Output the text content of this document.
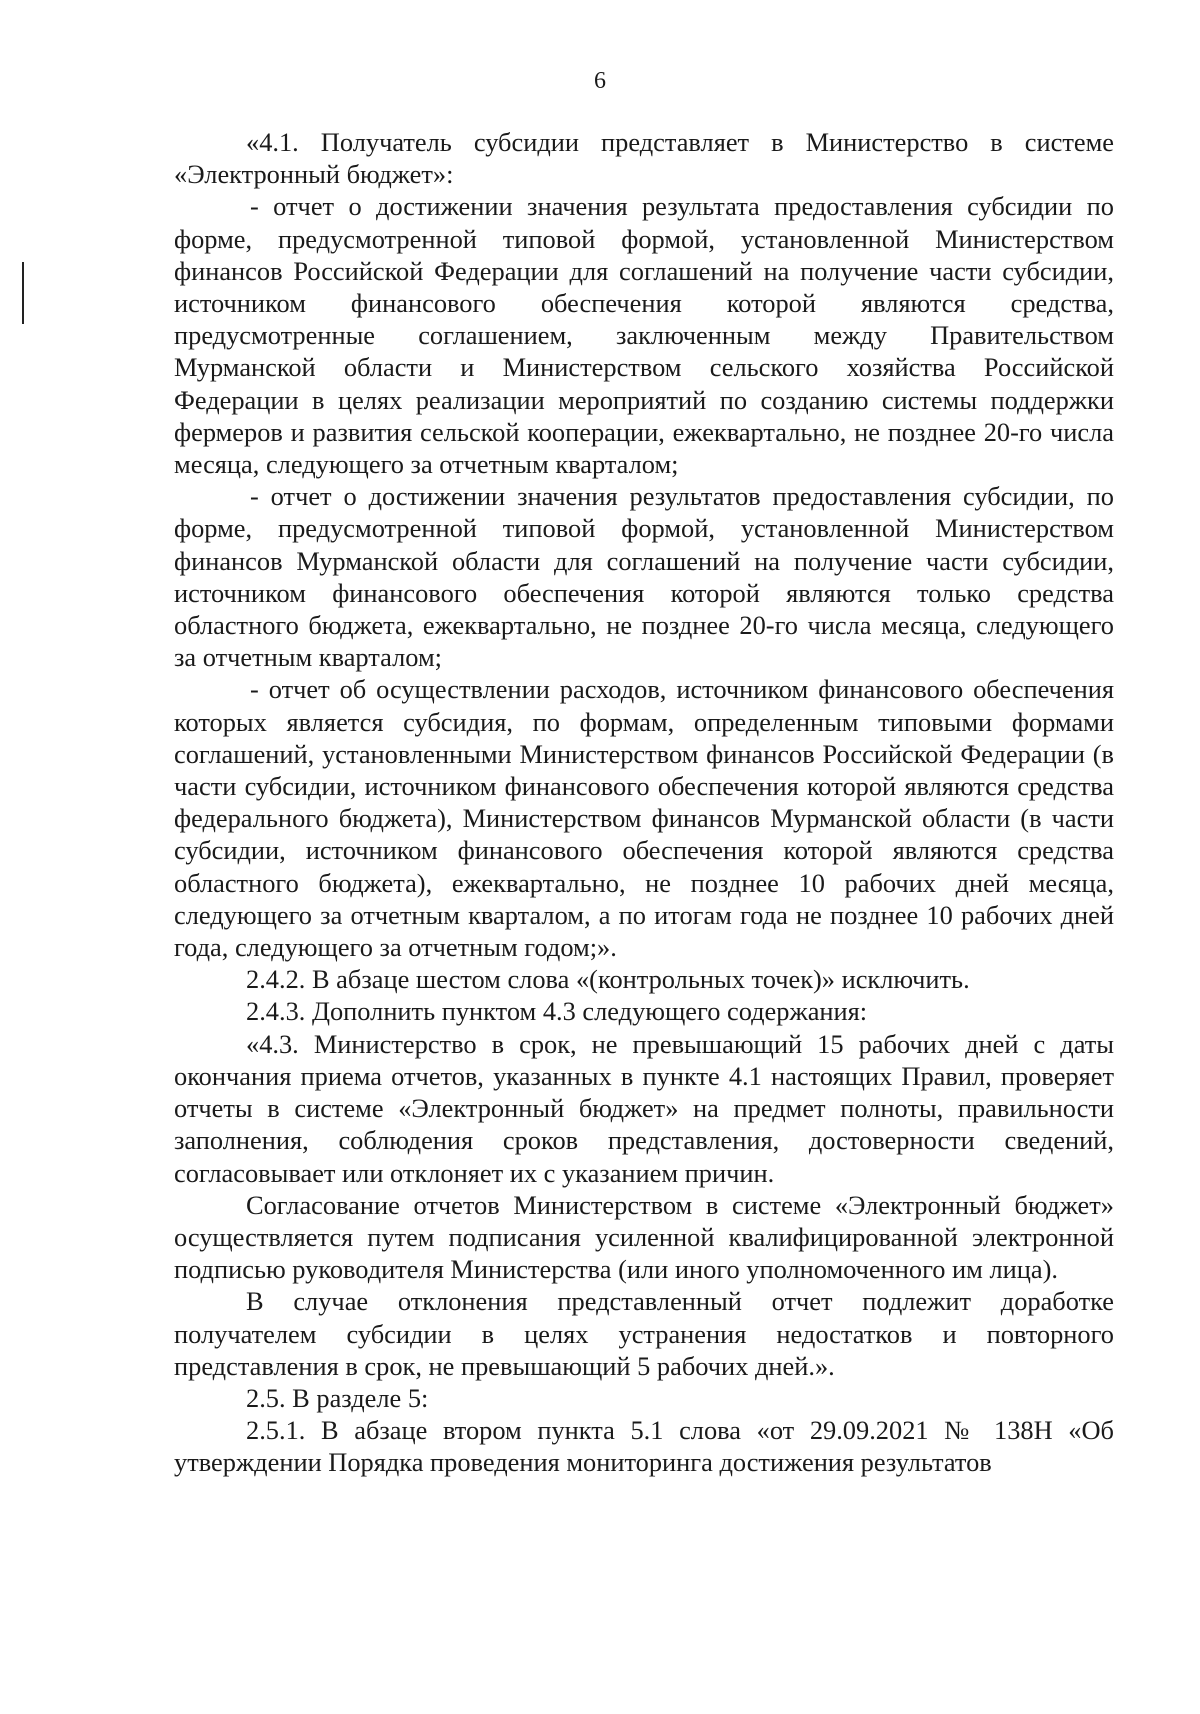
6

«4.1. Получатель субсидии представляет в Министерство в системе «Электронный бюджет»:

- отчет о достижении значения результата предоставления субсидии по форме, предусмотренной типовой формой, установленной Министерством финансов Российской Федерации для соглашений на получение части субсидии, источником финансового обеспечения которой являются средства, предусмотренные соглашением, заключенным между Правительством Мурманской области и Министерством сельского хозяйства Российской Федерации в целях реализации мероприятий по созданию системы поддержки фермеров и развития сельской кооперации, ежеквартально, не позднее 20-го числа месяца, следующего за отчетным кварталом;

- отчет о достижении значения результатов предоставления субсидии, по форме, предусмотренной типовой формой, установленной Министерством финансов Мурманской области для соглашений на получение части субсидии, источником финансового обеспечения которой являются только средства областного бюджета, ежеквартально, не позднее 20-го числа месяца, следующего за отчетным кварталом;

- отчет об осуществлении расходов, источником финансового обеспечения которых является субсидия, по формам, определенным типовыми формами соглашений, установленными Министерством финансов Российской Федерации (в части субсидии, источником финансового обеспечения которой являются средства федерального бюджета), Министерством финансов Мурманской области (в части субсидии, источником финансового обеспечения которой являются средства областного бюджета), ежеквартально, не позднее 10 рабочих дней месяца, следующего за отчетным кварталом, а по итогам года не позднее 10 рабочих дней года, следующего за отчетным годом;».

2.4.2. В абзаце шестом слова «(контрольных точек)» исключить.

2.4.3. Дополнить пунктом 4.3 следующего содержания:

«4.3. Министерство в срок, не превышающий 15 рабочих дней с даты окончания приема отчетов, указанных в пункте 4.1 настоящих Правил, проверяет отчеты в системе «Электронный бюджет» на предмет полноты, правильности заполнения, соблюдения сроков представления, достоверности сведений, согласовывает или отклоняет их с указанием причин.

Согласование отчетов Министерством в системе «Электронный бюджет» осуществляется путем подписания усиленной квалифицированной электронной подписью руководителя Министерства (или иного уполномоченного им лица).

В случае отклонения представленный отчет подлежит доработке получателем субсидии в целях устранения недостатков и повторного представления в срок, не превышающий 5 рабочих дней.».

2.5. В разделе 5:

2.5.1. В абзаце втором пункта 5.1 слова «от 29.09.2021 № 138Н «Об утверждении Порядка проведения мониторинга достижения результатов
